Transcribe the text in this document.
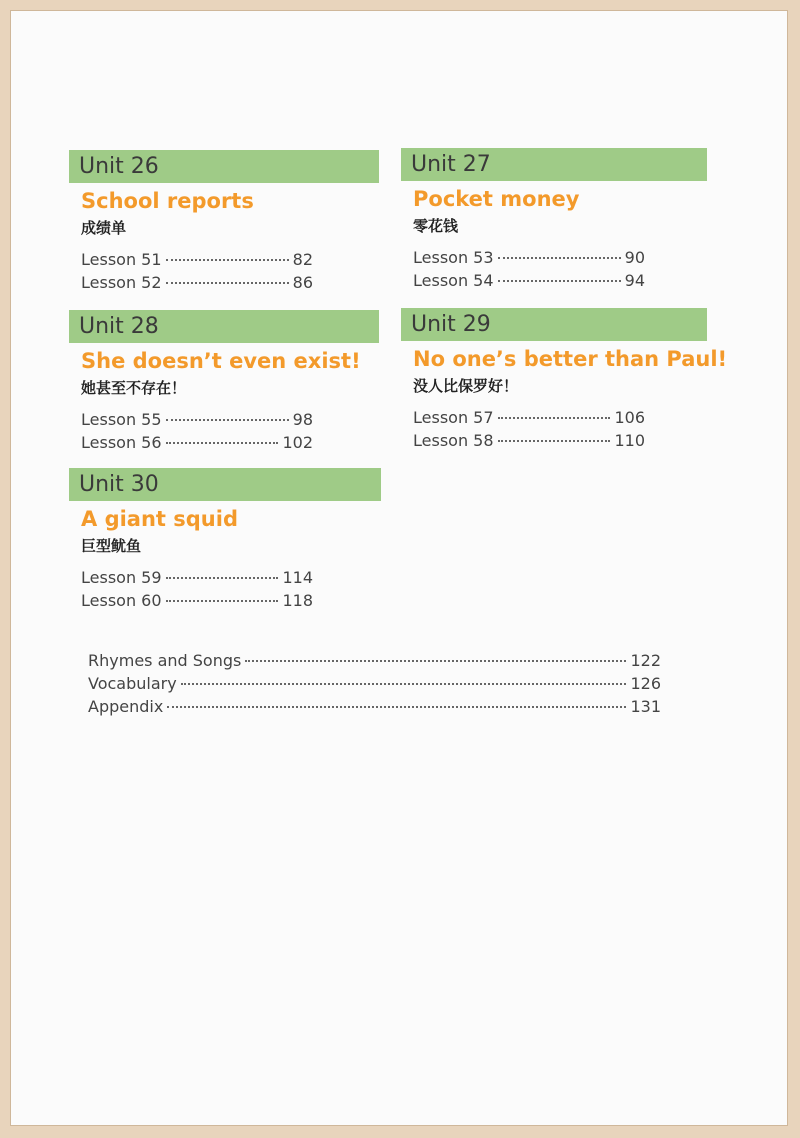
Unit 26
School reports
成绩单
Lesson 51	82
Lesson 52	86
Unit 27
Pocket money
零花钱
Lesson 53	90
Lesson 54	94
Unit 28
She doesn’t even exist!
她甚至不存在！
Lesson 55	98
Lesson 56	102
Unit 29
No one’s better than Paul!
没人比保罗好！
Lesson 57	106
Lesson 58	110
Unit 30
A giant squid
巨型鱿鱼
Lesson 59	114
Lesson 60	118
Rhymes and Songs	122
Vocabulary	126
Appendix	131
